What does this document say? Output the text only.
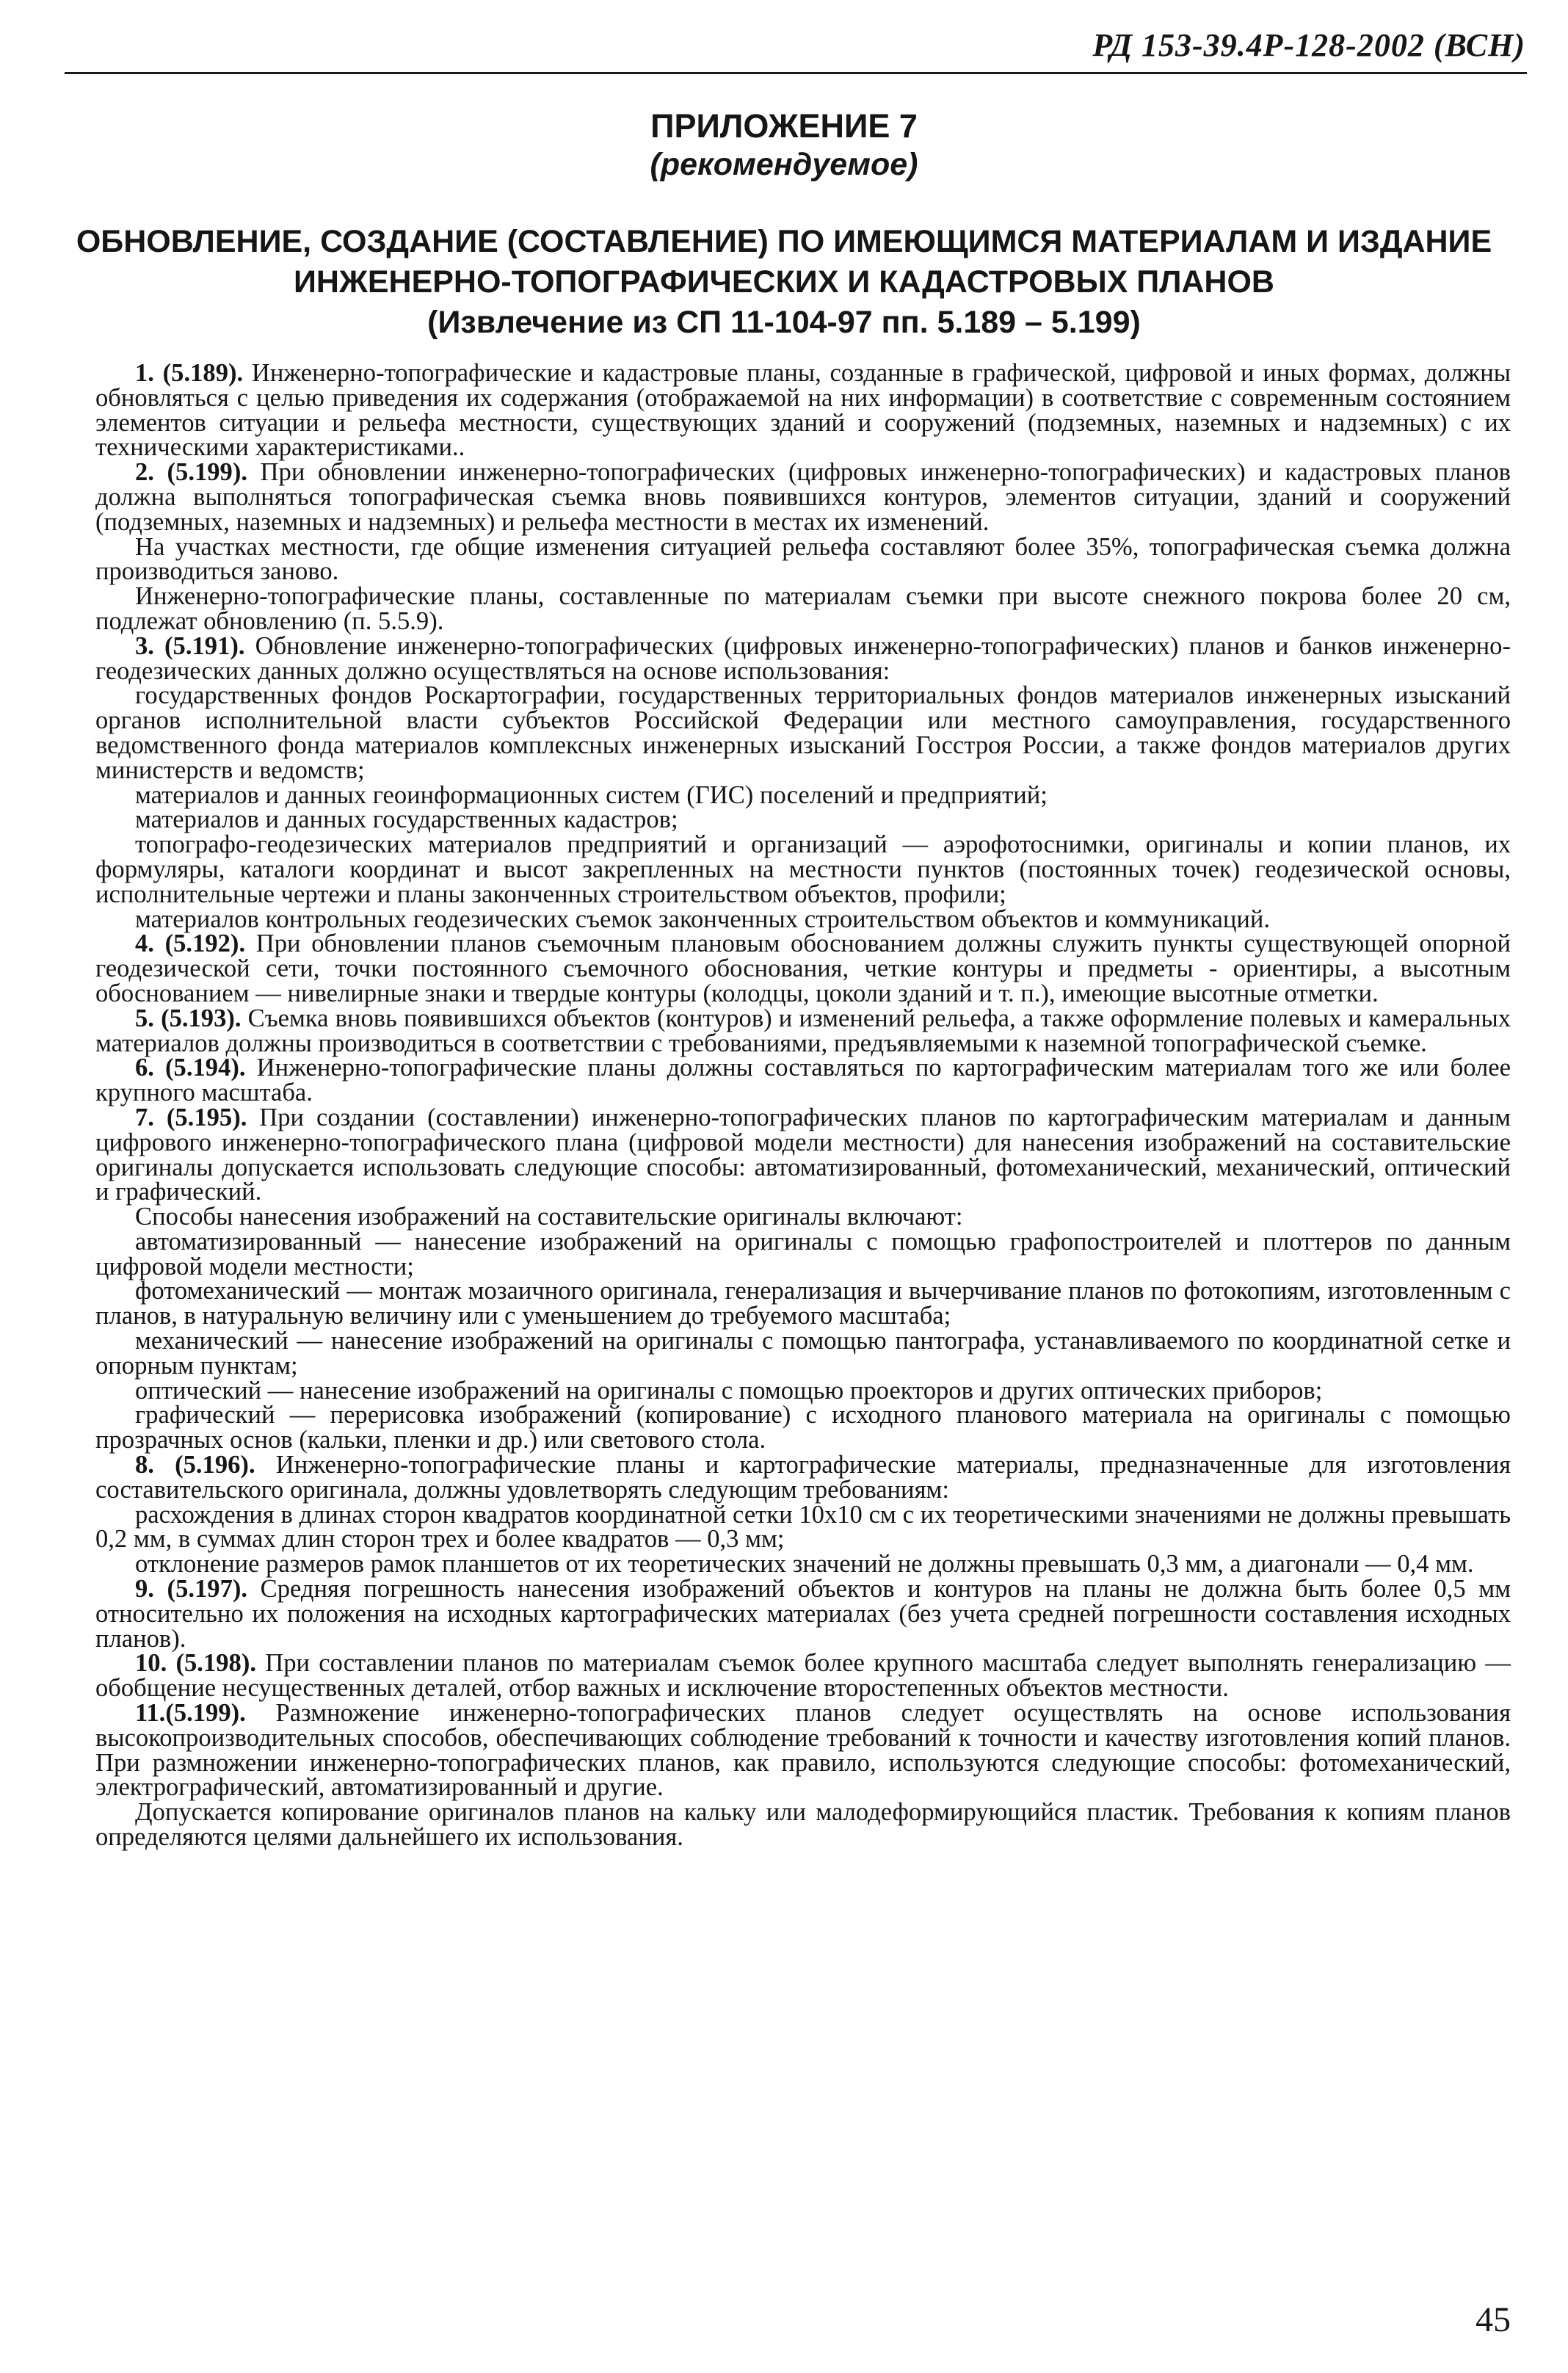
РД 153-39.4Р-128-2002 (ВСН)
ПРИЛОЖЕНИЕ 7
(рекомендуемое)
ОБНОВЛЕНИЕ, СОЗДАНИЕ (СОСТАВЛЕНИЕ) ПО ИМЕЮЩИМСЯ МАТЕРИАЛАМ И ИЗДАНИЕ
ИНЖЕНЕРНО-ТОПОГРАФИЧЕСКИХ И КАДАСТРОВЫХ ПЛАНОВ
(Извлечение из СП 11-104-97 пп. 5.189 – 5.199)

1. (5.189). Инженерно-топографические и кадастровые планы, созданные в графической, цифровой и иных формах, должны обновляться с целью приведения их содержания (отображаемой на них информации) в соответствие с современным состоянием элементов ситуации и рельефа местности, существующих зданий и сооружений (подземных, наземных и надземных) с их техническими характеристиками..

2. (5.199). При обновлении инженерно-топографических (цифровых инженерно-топографических) и кадастровых планов должна выполняться топографическая съемка вновь появившихся контуров, элементов ситуации, зданий и сооружений (подземных, наземных и надземных) и рельефа местности в местах их изменений.

На участках местности, где общие изменения ситуацией рельефа составляют более 35%, топографическая съемка должна производиться заново.

Инженерно-топографические планы, составленные по материалам съемки при высоте снежного покрова более 20 см, подлежат обновлению (п. 5.5.9).

3. (5.191). Обновление инженерно-топографических (цифровых инженерно-топографических) планов и банков инженерно-геодезических данных должно осуществляться на основе использования:

государственных фондов Роскартографии, государственных территориальных фондов материалов инженерных изысканий органов исполнительной власти субъектов Российской Федерации или местного самоуправления, государственного ведомственного фонда материалов комплексных инженерных изысканий Госстроя России, а также фондов материалов других министерств и ведомств;

материалов и данных геоинформационных систем (ГИС) поселений и предприятий;

материалов и данных государственных кадастров;

топографо-геодезических материалов предприятий и организаций — аэрофотоснимки, оригиналы и копии планов, их формуляры, каталоги координат и высот закрепленных на местности пунктов (постоянных точек) геодезической основы, исполнительные чертежи и планы законченных строительством объектов, профили;

материалов контрольных геодезических съемок законченных строительством объектов и коммуникаций.

4. (5.192). При обновлении планов съемочным плановым обоснованием должны служить пункты существующей опорной геодезической сети, точки постоянного съемочного обоснования, четкие контуры и предметы - ориентиры, а высотным обоснованием — нивелирные знаки и твердые контуры (колодцы, цоколи зданий и т. п.), имеющие высотные отметки.

5. (5.193). Съемка вновь появившихся объектов (контуров) и изменений рельефа, а также оформление полевых и камеральных материалов должны производиться в соответствии с требованиями, предъявляемыми к наземной топографической съемке.

6. (5.194). Инженерно-топографические планы должны составляться по картографическим материалам того же или более крупного масштаба.

7. (5.195). При создании (составлении) инженерно-топографических планов по картографическим материалам и данным цифрового инженерно-топографического плана (цифровой модели местности) для нанесения изображений на составительские оригиналы допускается использовать следующие способы: автоматизированный, фотомеханический, механический, оптический и графический.

Способы нанесения изображений на составительские оригиналы включают:

автоматизированный — нанесение изображений на оригиналы с помощью графопостроителей и плоттеров по данным цифровой модели местности;

фотомеханический — монтаж мозаичного оригинала, генерализация и вычерчивание планов по фотокопиям, изготовленным с планов, в натуральную величину или с уменьшением до требуемого масштаба;

механический — нанесение изображений на оригиналы с помощью пантографа, устанавливаемого по координатной сетке и опорным пунктам;

оптический — нанесение изображений на оригиналы с помощью проекторов и других оптических приборов;

графический — перерисовка изображений (копирование) с исходного планового материала на оригиналы с помощью прозрачных основ (кальки, пленки и др.) или светового стола.

8. (5.196). Инженерно-топографические планы и картографические материалы, предназначенные для изготовления составительского оригинала, должны удовлетворять следующим требованиям:

расхождения в длинах сторон квадратов координатной сетки 10х10 см с их теоретическими значениями не должны превышать 0,2 мм, в суммах длин сторон трех и более квадратов — 0,3 мм;

отклонение размеров рамок планшетов от их теоретических значений не должны превышать 0,3 мм, а диагонали — 0,4 мм.

9. (5.197). Средняя погрешность нанесения изображений объектов и контуров на планы не должна быть более 0,5 мм относительно их положения на исходных картографических материалах (без учета средней погрешности составления исходных планов).

10. (5.198). При составлении планов по материалам съемок более крупного масштаба следует выполнять генерализацию — обобщение несущественных деталей, отбор важных и исключение второстепенных объектов местности.

11.(5.199). Размножение инженерно-топографических планов следует осуществлять на основе использования высокопроизводительных способов, обеспечивающих соблюдение требований к точности и качеству изготовления копий планов. При размножении инженерно-топографических планов, как правило, используются следующие способы: фотомеханический, электрографический, автоматизированный и другие.

Допускается копирование оригиналов планов на кальку или малодеформирующийся пластик. Требования к копиям планов определяются целями дальнейшего их использования.

45
